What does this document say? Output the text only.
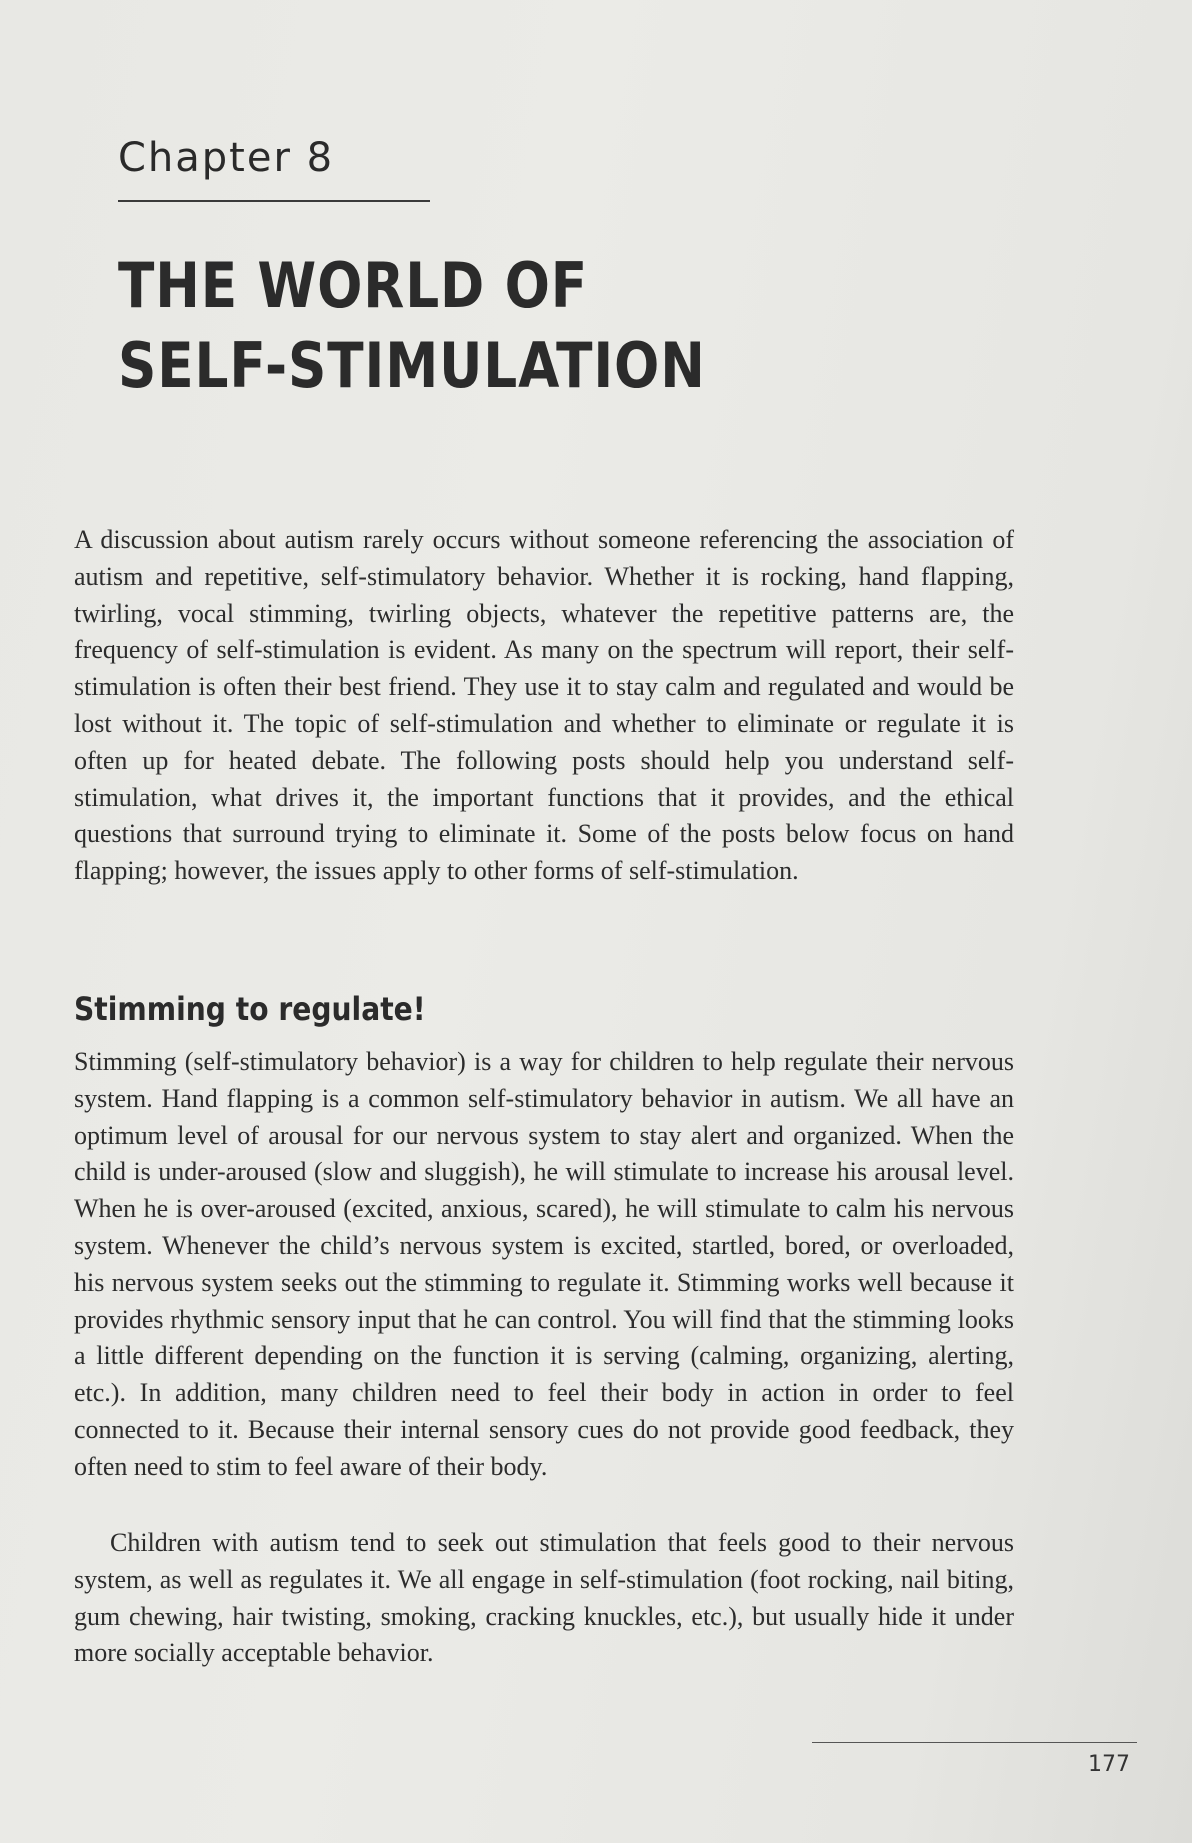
Chapter 8
THE WORLD OF
SELF-STIMULATION

A discussion about autism rarely occurs without someone referencing the association of autism and repetitive, self-stimulatory behavior. Whether it is rocking, hand flapping, twirling, vocal stimming, twirling objects, whatever the repetitive patterns are, the frequency of self-stimulation is evident. As many on the spectrum will report, their self-stimulation is often their best friend. They use it to stay calm and regulated and would be lost without it. The topic of self-stimulation and whether to eliminate or regulate it is often up for heated debate. The following posts should help you understand self-stimulation, what drives it, the important functions that it provides, and the ethical questions that surround trying to eliminate it. Some of the posts below focus on hand flapping; however, the issues apply to other forms of self-stimulation.

Stimming to regulate!

Stimming (self-stimulatory behavior) is a way for children to help regulate their nervous system. Hand flapping is a common self-stimulatory behavior in autism. We all have an optimum level of arousal for our nervous system to stay alert and organized. When the child is under-aroused (slow and sluggish), he will stimulate to increase his arousal level. When he is over-aroused (excited, anxious, scared), he will stimulate to calm his nervous system. Whenever the child’s nervous system is excited, startled, bored, or overloaded, his nervous system seeks out the stimming to regulate it. Stimming works well because it provides rhythmic sensory input that he can control. You will find that the stimming looks a little different depending on the function it is serving (calming, organizing, alerting, etc.). In addition, many children need to feel their body in action in order to feel connected to it. Because their internal sensory cues do not provide good feedback, they often need to stim to feel aware of their body.

Children with autism tend to seek out stimulation that feels good to their nervous system, as well as regulates it. We all engage in self-stimulation (foot rocking, nail biting, gum chewing, hair twisting, smoking, cracking knuckles, etc.), but usually hide it under more socially acceptable behavior.

177
